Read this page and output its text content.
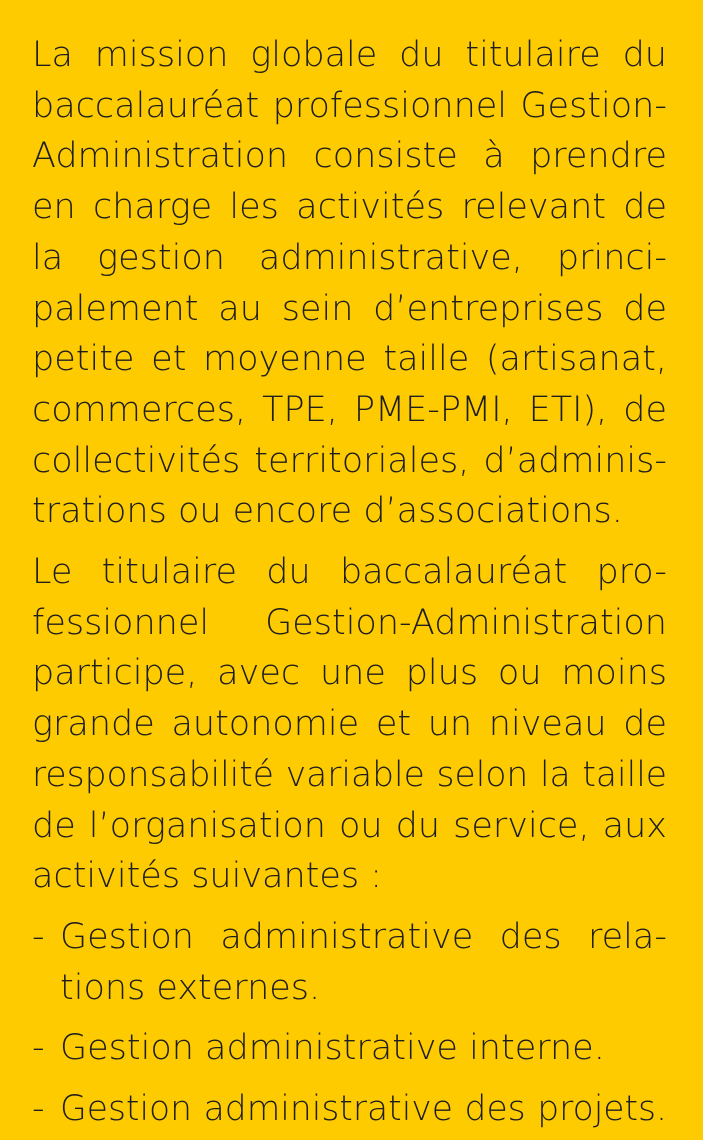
La mission globale du titulaire du
baccalauréat professionnel Gestion-
Administration consiste à prendre
en charge les activités relevant de
la gestion administrative, princi-
palement au sein d’entreprises de
petite et moyenne taille (artisanat,
commerces, TPE, PME-PMI, ETI), de
collectivités territoriales, d’adminis-
trations ou encore d’associations.

Le titulaire du baccalauréat pro-
fessionnel Gestion-Administration
participe, avec une plus ou moins
grande autonomie et un niveau de
responsabilité variable selon la taille
de l’organisation ou du service, aux
activités suivantes :

- Gestion administrative des rela-
tions externes.
- Gestion administrative interne.
- Gestion administrative des projets.
